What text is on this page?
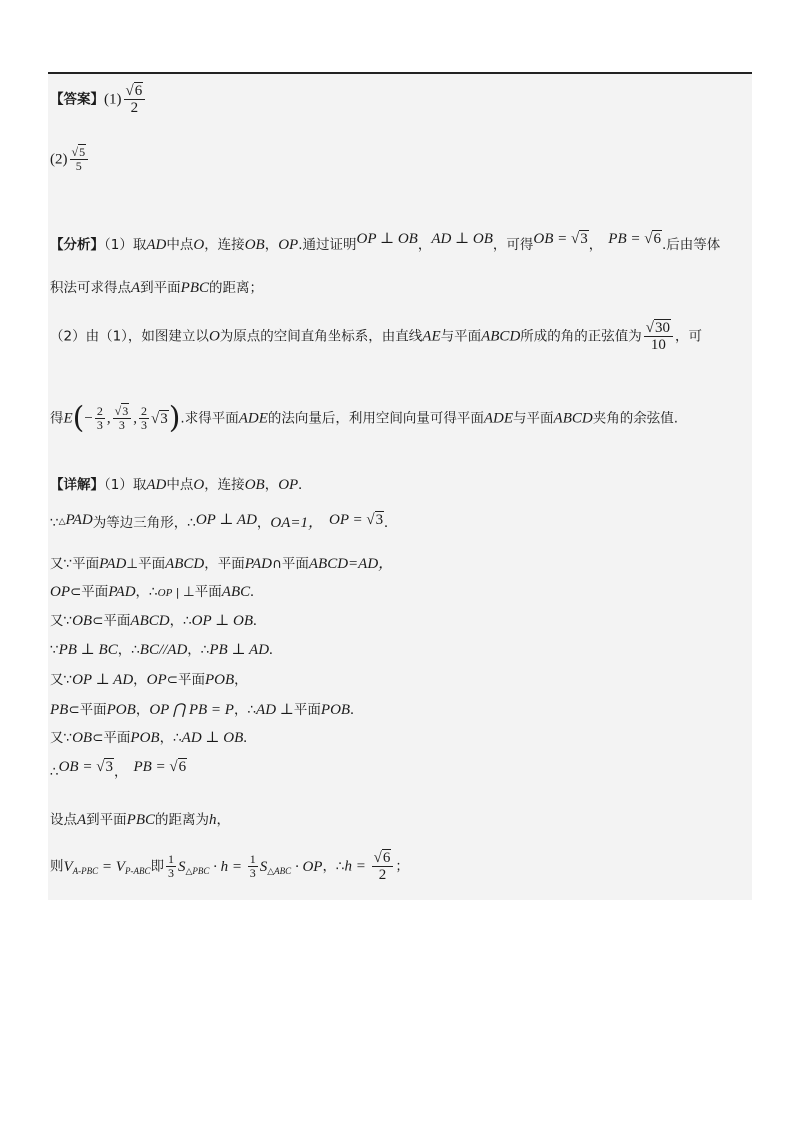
【答案】$(1) \frac{√6}{2}$
$(2) \frac{√5}{5}$
【分析】（1）取AD中点O，连接OB，OP.通过证明OP ⊥ OB，AD ⊥ OB，可得OB = √3， PB = √6.后由等体
积法可求得点A到平面PBC的距离；
（2）由（1），如图建立以O为原点的空间直角坐标系，由直线AE与平面ABCD所成的角的正弦值为 $\frac{√30}{10}$ ，可
得$E(- \frac{2}{3}$ , $\frac{√3}{3}$ , $\frac{2}{3} √3$).求得平面ADE的法向量后，利用空间向量可得平面ADE与平面ABCD夹角的余弦值.
【详解】（1）取AD中点O，连接OB，OP.
∵△PAD为等边三角形，∴OP ⊥ AD，OA=1， OP = √3.
又∵平面PAD⊥平面ABCD，平面PAD∩平面ABCD=AD，
OP⊂平面PAD，∴OP | ⊥平面ABC.
又∵OB⊂平面ABCD，∴OP ⊥ OB.
∵PB ⊥ BC，∴BC//AD，∴PB ⊥ AD.
又∵OP ⊥ AD，OP⊂平面POB，
PB⊂平面POB，OP ⋂ PB = P，∴AD ⊥平面POB.
又∵OB⊂平面POB，∴AD ⊥ OB.
∴OB = √3， PB = √6
设点A到平面PBC的距离为h，
则$V_{A-PBC} = V_{P-ABC}$即 $\frac{1}{3} S_{\triangle PBC} \cdot h = \frac{1}{3} S_{\triangle ABC}$ · OP，∴h = $\frac{√6}{2}$ ；
